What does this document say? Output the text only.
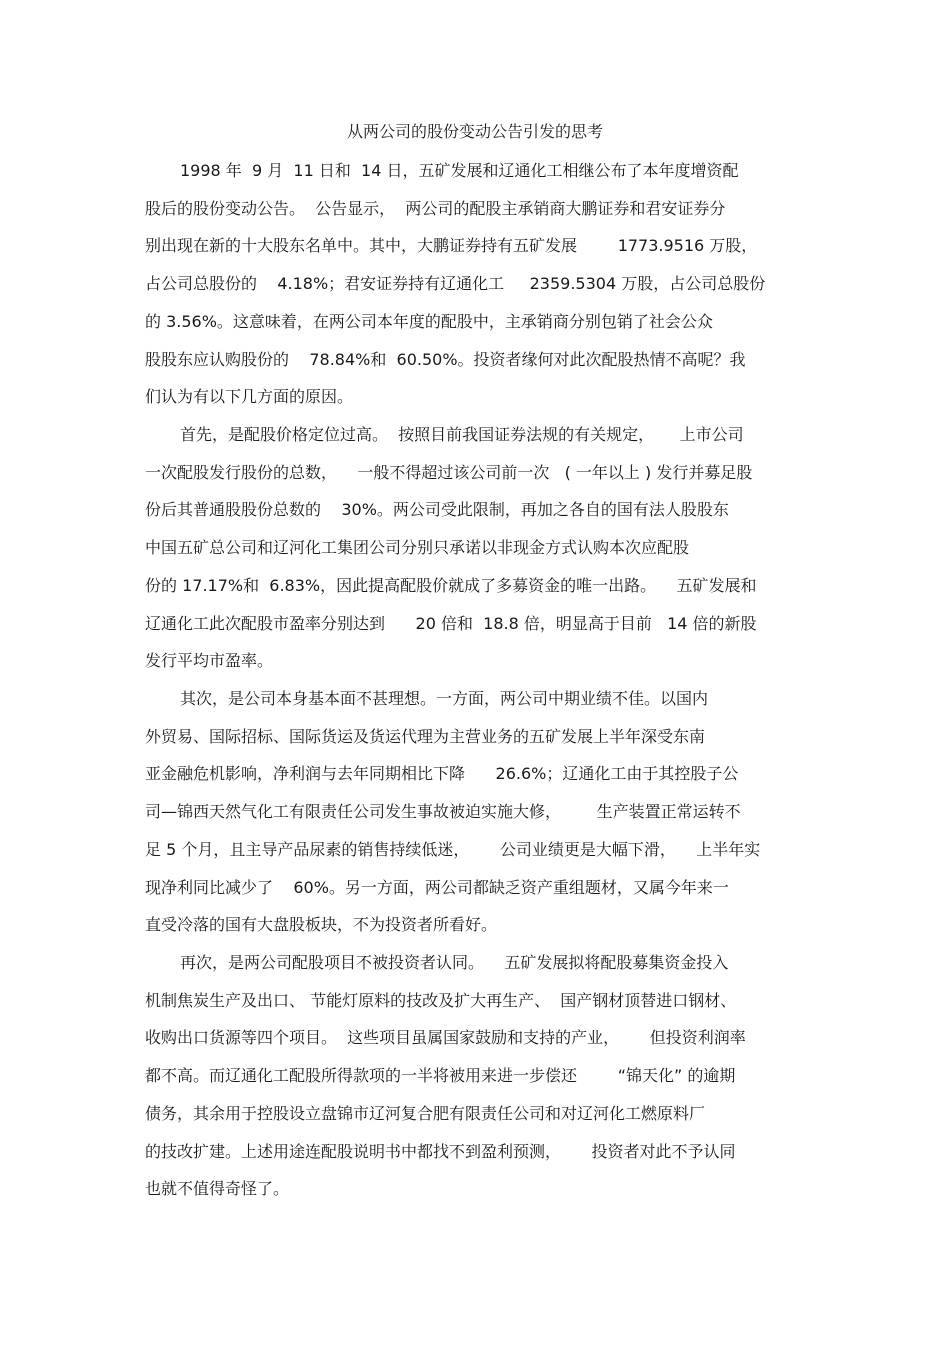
从两公司的股份变动公告引发的思考
1998 年  9 月  11 日和  14 日，五矿发展和辽通化工相继公布了本年度增资配
股后的股份变动公告。  公告显示，  两公司的配股主承销商大鹏证券和君安证券分
别出现在新的十大股东名单中。其中，大鹏证券持有五矿发展        1773.9516 万股，
占公司总股份的    4.18%；君安证券持有辽通化工     2359.5304 万股，占公司总股份
的 3.56%。这意味着，在两公司本年度的配股中，主承销商分别包销了社会公众
股股东应认购股份的    78.84%和  60.50%。投资者缘何对此次配股热情不高呢？我
们认为有以下几方面的原因。
首先，是配股价格定位过高。  按照目前我国证券法规的有关规定，     上市公司
一次配股发行股份的总数，    一般不得超过该公司前一次   ( 一年以上 ) 发行并募足股
份后其普通股股份总数的    30%。两公司受此限制，再加之各自的国有法人股股东
中国五矿总公司和辽河化工集团公司分别只承诺以非现金方式认购本次应配股
份的 17.17%和  6.83%，因此提高配股价就成了多募资金的唯一出路。    五矿发展和
辽通化工此次配股市盈率分别达到      20 倍和  18.8 倍，明显高于目前   14 倍的新股
发行平均市盈率。
其次，是公司本身基本面不甚理想。一方面，两公司中期业绩不佳。以国内
外贸易、国际招标、国际货运及货运代理为主营业务的五矿发展上半年深受东南
亚金融危机影响，净利润与去年同期相比下降      26.6%；辽通化工由于其控股子公
司—锦西天然气化工有限责任公司发生事故被迫实施大修，       生产装置正常运转不
足 5 个月，且主导产品尿素的销售持续低迷，      公司业绩更是大幅下滑，    上半年实
现净利同比减少了    60%。另一方面，两公司都缺乏资产重组题材，又属今年来一
直受冷落的国有大盘股板块，不为投资者所看好。
再次，是两公司配股项目不被投资者认同。    五矿发展拟将配股募集资金投入
机制焦炭生产及出口、 节能灯原料的技改及扩大再生产、  国产钢材顶替进口钢材、
收购出口货源等四个项目。  这些项目虽属国家鼓励和支持的产业，      但投资利润率
都不高。而辽通化工配股所得款项的一半将被用来进一步偿还        “锦天化” 的逾期
债务，其余用于控股设立盘锦市辽河复合肥有限责任公司和对辽河化工燃原料厂
的技改扩建。上述用途连配股说明书中都找不到盈利预测，      投资者对此不予认同
也就不值得奇怪了。
